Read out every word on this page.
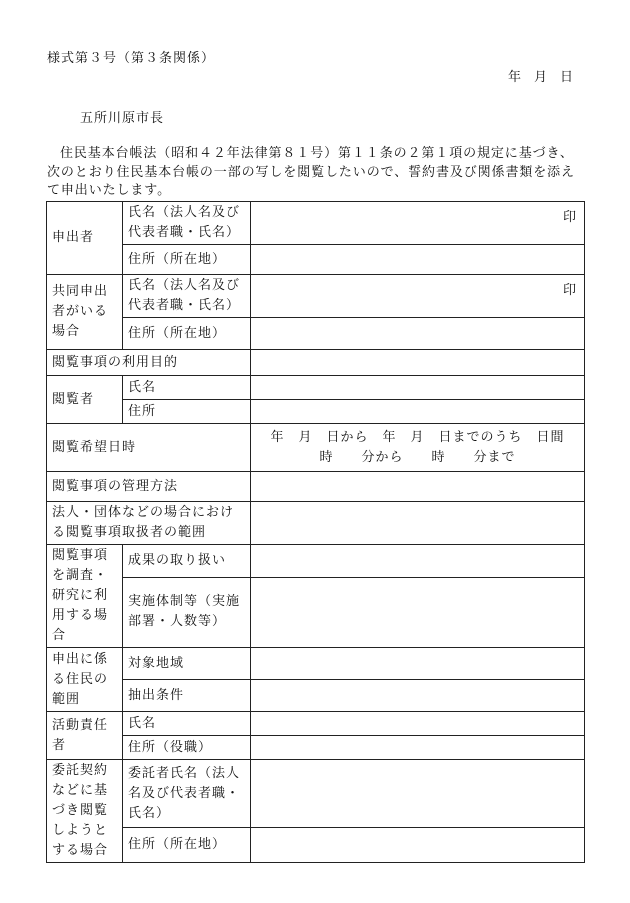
様式第３号（第３条関係）
年　月　日
五所川原市長
住民基本台帳法（昭和４２年法律第８１号）第１１条の２第１項の規定に基づき、次のとおり住民基本台帳の一部の写しを閲覧したいので、誓約書及び関係書類を添えて申出いたします。
申出者	氏名（法人名及び代表者職・氏名）	印

	住所（所在地）	
共同申出者がいる場合	氏名（法人名及び代表者職・氏名）	印

	住所（所在地）	
閲覧事項の利用目的		
閲覧者	氏名	
	住所	
閲覧希望日時		年　月　日から　年　月　日までのうち　日間
時　　分から　　時　　分まで

閲覧事項の管理方法		
法人・団体などの場合における閲覧事項取扱者の範囲		
閲覧事項を調査・研究に利用する場合	成果の取り扱い	
	実施体制等（実施部署・人数等）	
申出に係る住民の範囲	対象地域	
	抽出条件	
活動責任者	氏名	
	住所（役職）	
委託契約などに基づき閲覧しようとする場合	委託者氏名（法人名及び代表者職・氏名）	
	住所（所在地）	
